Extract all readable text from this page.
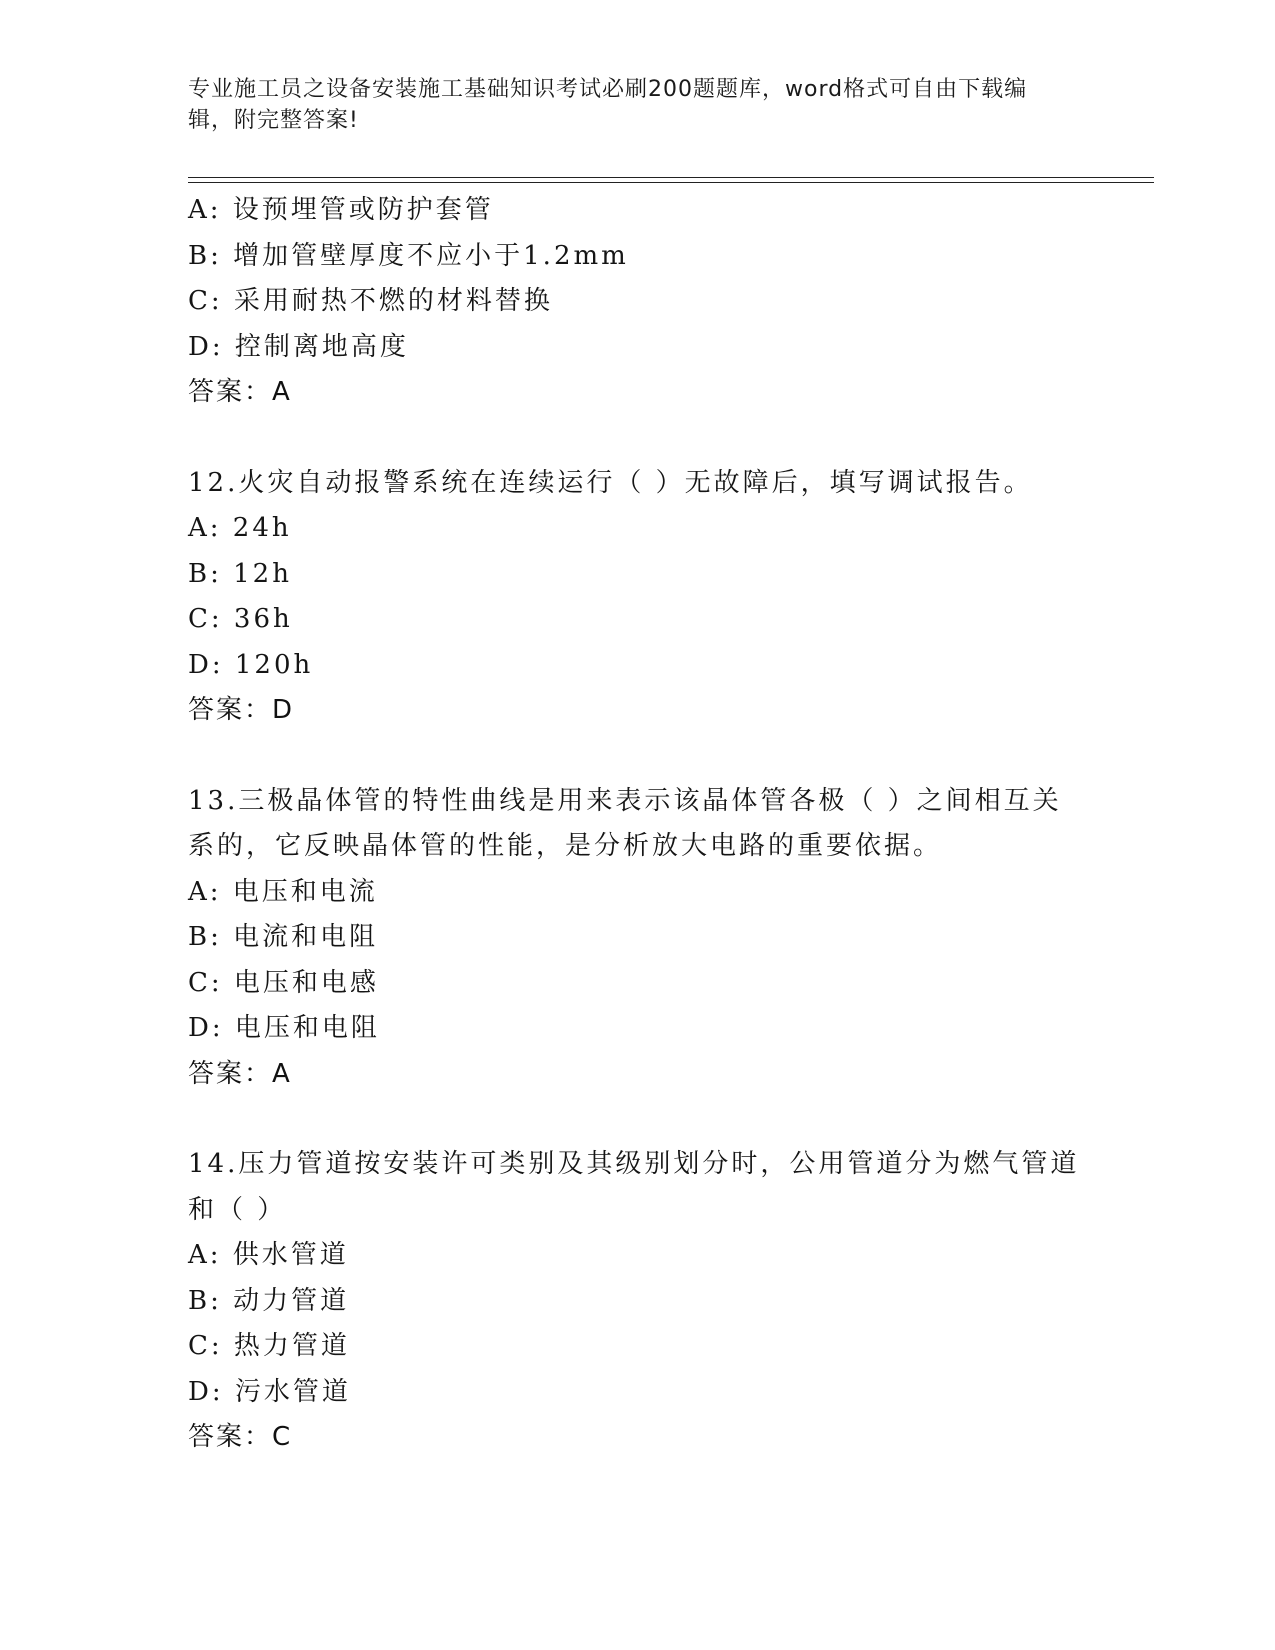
专业施工员之设备安装施工基础知识考试必刷200题题库，word格式可自由下载编辑，附完整答案!
A: 设预埋管或防护套管
B: 增加管壁厚度不应小于1.2mm
C: 采用耐热不燃的材料替换
D: 控制离地高度
答案：A
12.火灾自动报警系统在连续运行（ ）无故障后，填写调试报告。
A: 24h
B: 12h
C: 36h
D: 120h
答案：D
13.三极晶体管的特性曲线是用来表示该晶体管各极（ ）之间相互关系的，它反映晶体管的性能，是分析放大电路的重要依据。
A: 电压和电流
B: 电流和电阻
C: 电压和电感
D: 电压和电阻
答案：A
14.压力管道按安装许可类别及其级别划分时，公用管道分为燃气管道和（ ）
A: 供水管道
B: 动力管道
C: 热力管道
D: 污水管道
答案：C
